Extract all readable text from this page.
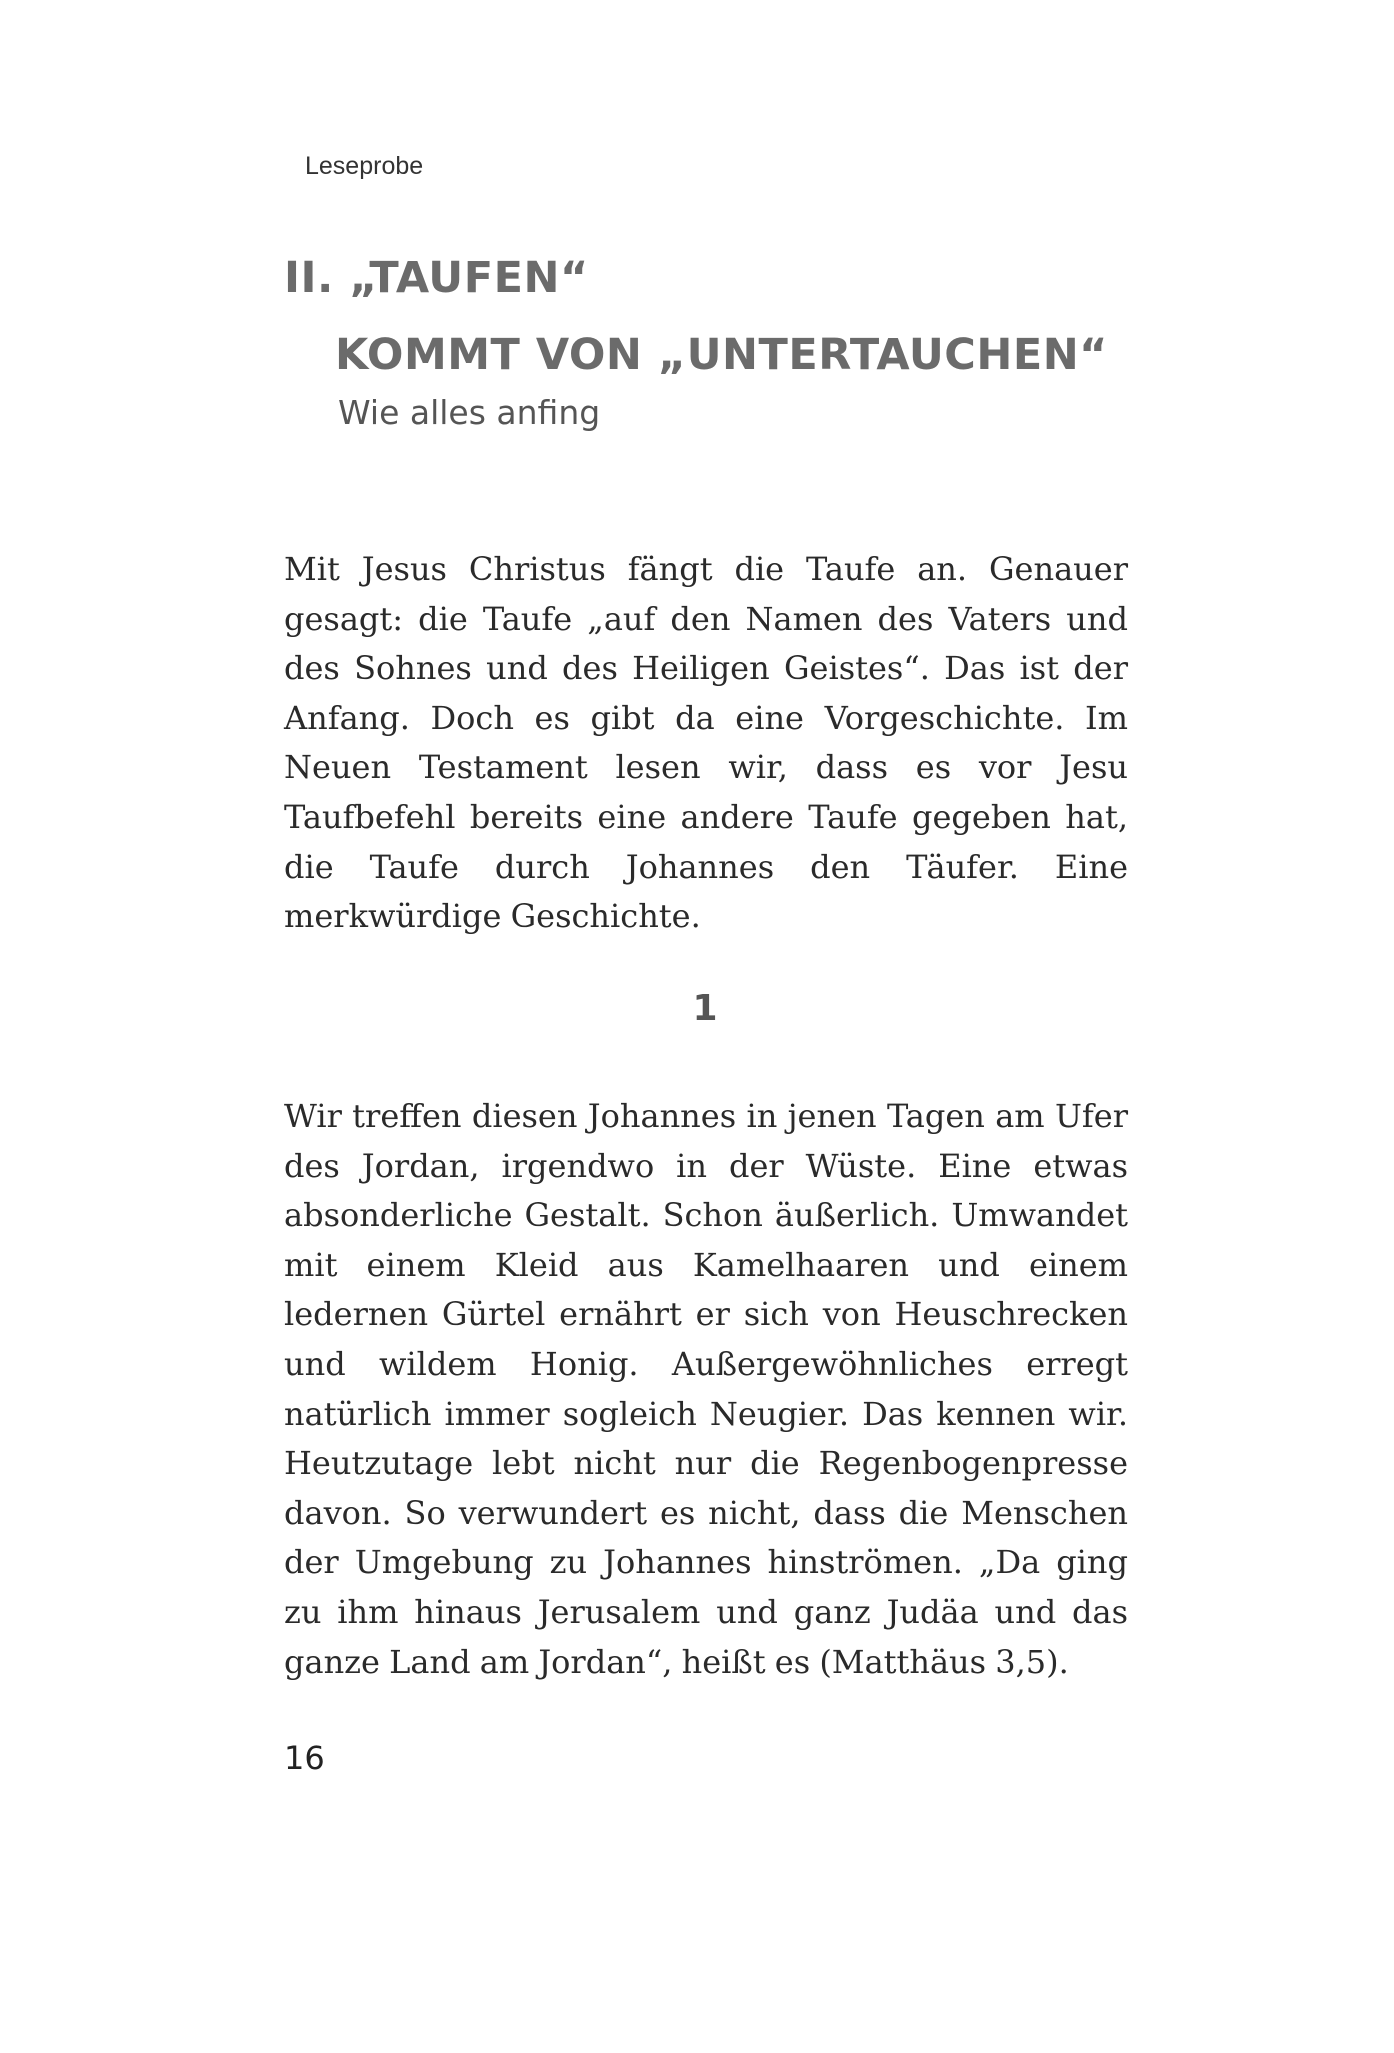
Leseprobe

II. „TAUFEN“
KOMMT VON „UNTERTAUCHEN“
Wie alles anfing

Mit Jesus Christus fängt die Taufe an. Genauer gesagt: die Taufe „auf den Namen des Vaters und des Sohnes und des Heiligen Geistes“. Das ist der Anfang. Doch es gibt da eine Vorgeschichte. Im Neuen Testament lesen wir, dass es vor Jesu Taufbefehl bereits eine andere Taufe gegeben hat, die Taufe durch Johannes den Täufer. Eine merkwürdige Geschichte.

1

Wir treffen diesen Johannes in jenen Tagen am Ufer des Jordan, irgendwo in der Wüste. Eine etwas absonderliche Gestalt. Schon äußerlich. Umwandet mit einem Kleid aus Kamelhaaren und einem ledernen Gürtel ernährt er sich von Heuschrecken und wildem Honig. Außergewöhnliches erregt natürlich immer sogleich Neugier. Das kennen wir. Heutzutage lebt nicht nur die Regenbogenpresse davon. So verwundert es nicht, dass die Menschen der Umgebung zu Johannes hinströmen. „Da ging zu ihm hinaus Jerusalem und ganz Judäa und das ganze Land am Jordan“, heißt es (Matthäus 3,5).

16
